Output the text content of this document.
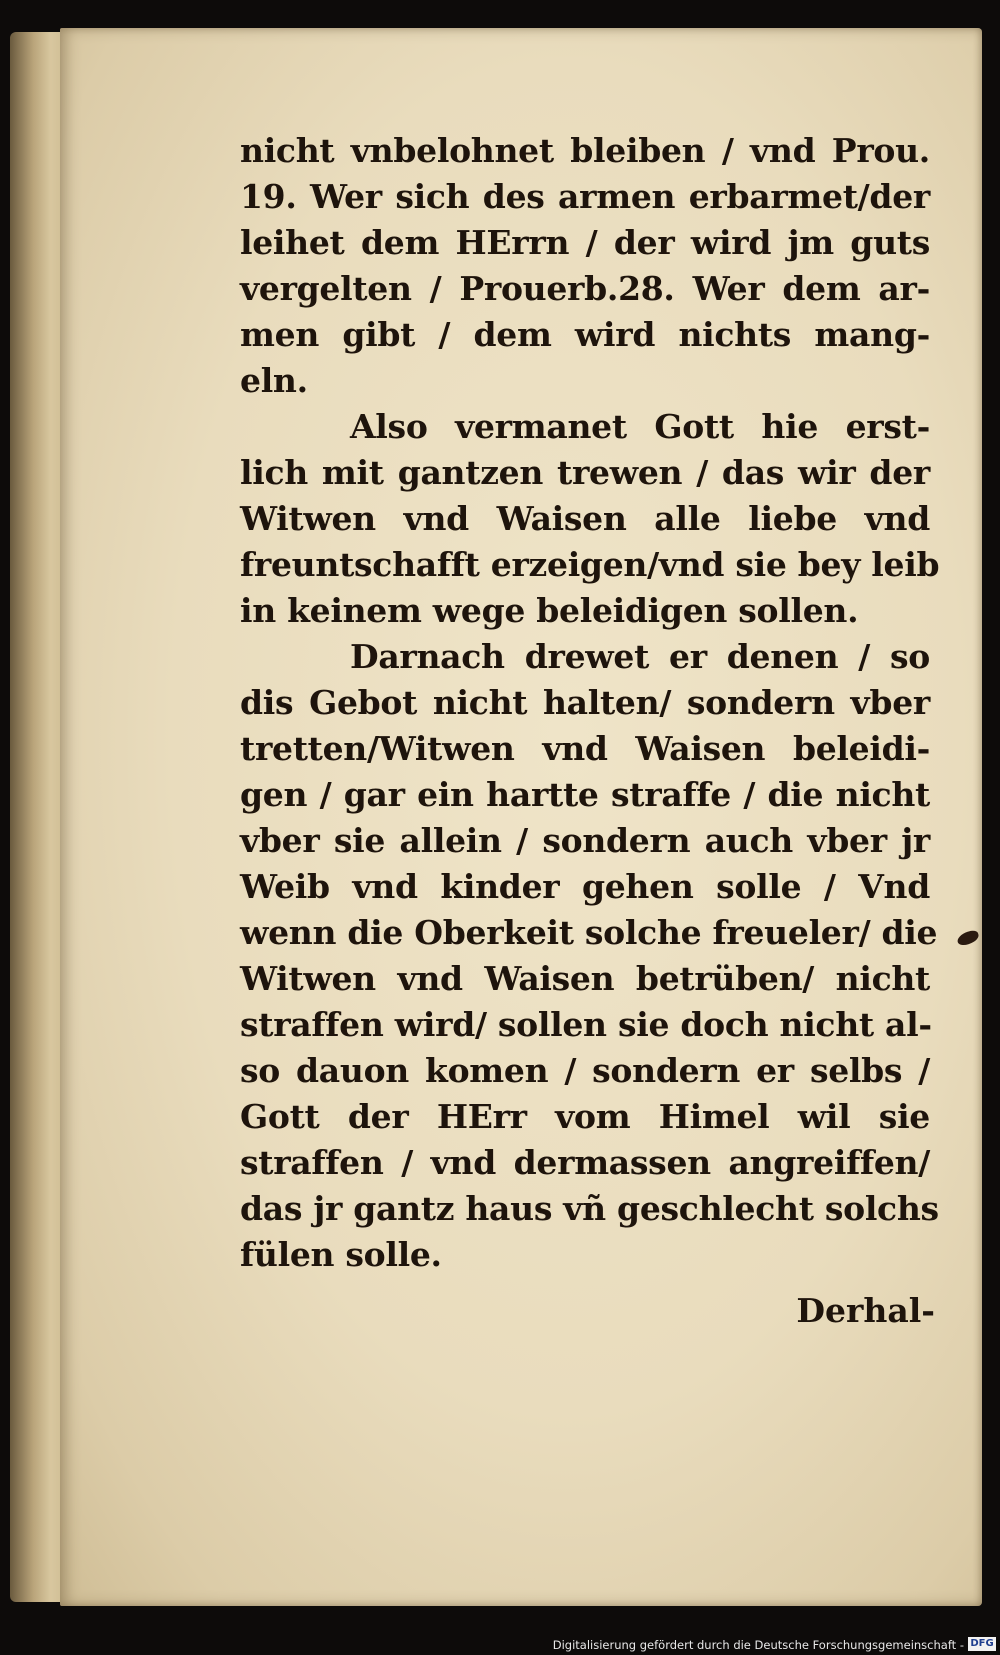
nicht vnbelohnet bleiben / vnd Prou.
19. Wer sich des armen erbarmet/der
leihet dem HErrn / der wird jm guts
vergelten / Prouerb.28. Wer dem ar-
men gibt / dem wird nichts mang-
eln.
Also vermanet Gott hie erst-
lich mit gantzen trewen / das wir der
Witwen vnd Waisen alle liebe vnd
freuntschafft erzeigen/vnd sie bey leib
in keinem wege beleidigen sollen.
Darnach drewet er denen / so
dis Gebot nicht halten/ sondern vber
tretten/Witwen vnd Waisen beleidi-
gen / gar ein hartte straffe / die nicht
vber sie allein / sondern auch vber jr
Weib vnd kinder gehen solle / Vnd
wenn die Oberkeit solche freueler/ die
Witwen vnd Waisen betrüben/ nicht
straffen wird/ sollen sie doch nicht al-
so dauon komen / sondern er selbs /
Gott der HErr vom Himel wil sie
straffen / vnd dermassen angreiffen/
das jr gantz haus vñ geschlecht solchs
fülen solle.
Derhal-
Digitalisierung gefördert durch die Deutsche Forschungsgemeinschaft - DFG
